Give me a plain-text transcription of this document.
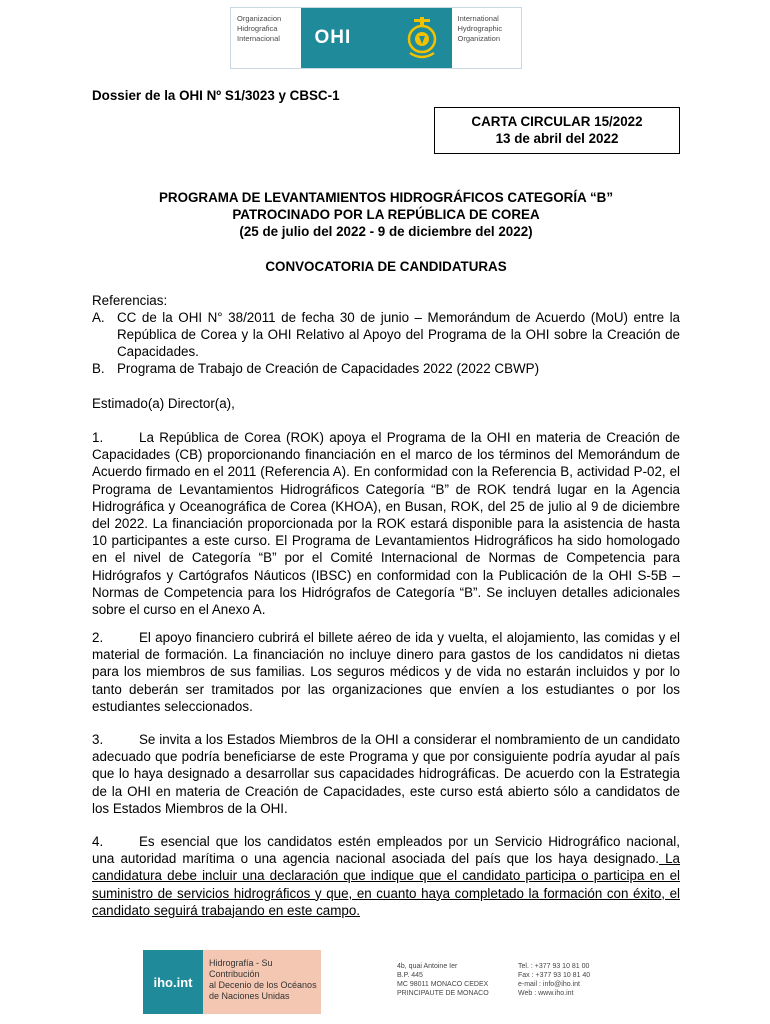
Organizacion
Hidrografica
Internacional	OHI
International
Hydrographic
Organization
Dossier de la OHI Nº S1/3023 y CBSC-1
CARTA CIRCULAR 15/2022
13 de abril del 2022
PROGRAMA DE LEVANTAMIENTOS HIDROGRÁFICOS CATEGORÍA “B”
PATROCINADO POR LA REPÚBLICA DE COREA
(25 de julio del 2022 - 9 de diciembre del 2022)
CONVOCATORIA DE CANDIDATURAS
Referencias:
A. CC de la OHI N° 38/2011 de fecha 30 de junio – Memorándum de Acuerdo (MoU) entre la República de Corea y la OHI Relativo al Apoyo del Programa de la OHI sobre la Creación de Capacidades.
B. Programa de Trabajo de Creación de Capacidades 2022 (2022 CBWP)
Estimado(a) Director(a),
1.	La República de Corea (ROK) apoya el Programa de la OHI en materia de Creación de Capacidades (CB) proporcionando financiación en el marco de los términos del Memorándum de Acuerdo firmado en el 2011 (Referencia A). En conformidad con la Referencia B, actividad P-02, el Programa de Levantamientos Hidrográficos Categoría “B” de ROK tendrá lugar en la Agencia Hidrográfica y Oceanográfica de Corea (KHOA), en Busan, ROK, del 25 de julio al 9 de diciembre del 2022. La financiación proporcionada por la ROK estará disponible para la asistencia de hasta 10 participantes a este curso. El Programa de Levantamientos Hidrográficos ha sido homologado en el nivel de Categoría “B” por el Comité Internacional de Normas de Competencia para Hidrógrafos y Cartógrafos Náuticos (IBSC) en conformidad con la Publicación de la OHI S-5B – Normas de Competencia para los Hidrógrafos de Categoría “B”. Se incluyen detalles adicionales sobre el curso en el Anexo A.
2.	El apoyo financiero cubrirá el billete aéreo de ida y vuelta, el alojamiento, las comidas y el material de formación. La financiación no incluye dinero para gastos de los candidatos ni dietas para los miembros de sus familias. Los seguros médicos y de vida no estarán incluidos y por lo tanto deberán ser tramitados por las organizaciones que envíen a los estudiantes o por los estudiantes seleccionados.
3.	Se invita a los Estados Miembros de la OHI a considerar el nombramiento de un candidato adecuado que podría beneficiarse de este Programa y que por consiguiente podría ayudar al país que lo haya designado a desarrollar sus capacidades hidrográficas. De acuerdo con la Estrategia de la OHI en materia de Creación de Capacidades, este curso está abierto sólo a candidatos de los Estados Miembros de la OHI.
4.	Es esencial que los candidatos estén empleados por un Servicio Hidrográfico nacional, una autoridad marítima o una agencia nacional asociada del país que los haya designado. La candidatura debe incluir una declaración que indique que el candidato participa o participa en el suministro de servicios hidrográficos y que, en cuanto haya completado la formación con éxito, el candidato seguirá trabajando en este campo.
iho.int
Hidrografía - Su Contribución
al Decenio de los Océanos
de Naciones Unidas
4b, quai Antoine Ier
B.P. 445
MC 98011 MONACO CEDEX
PRINCIPAUTE DE MONACO
Tel. : +377 93 10 81 00
Fax : +377 93 10 81 40
e-mail : info@iho.int
Web : www.iho.int
